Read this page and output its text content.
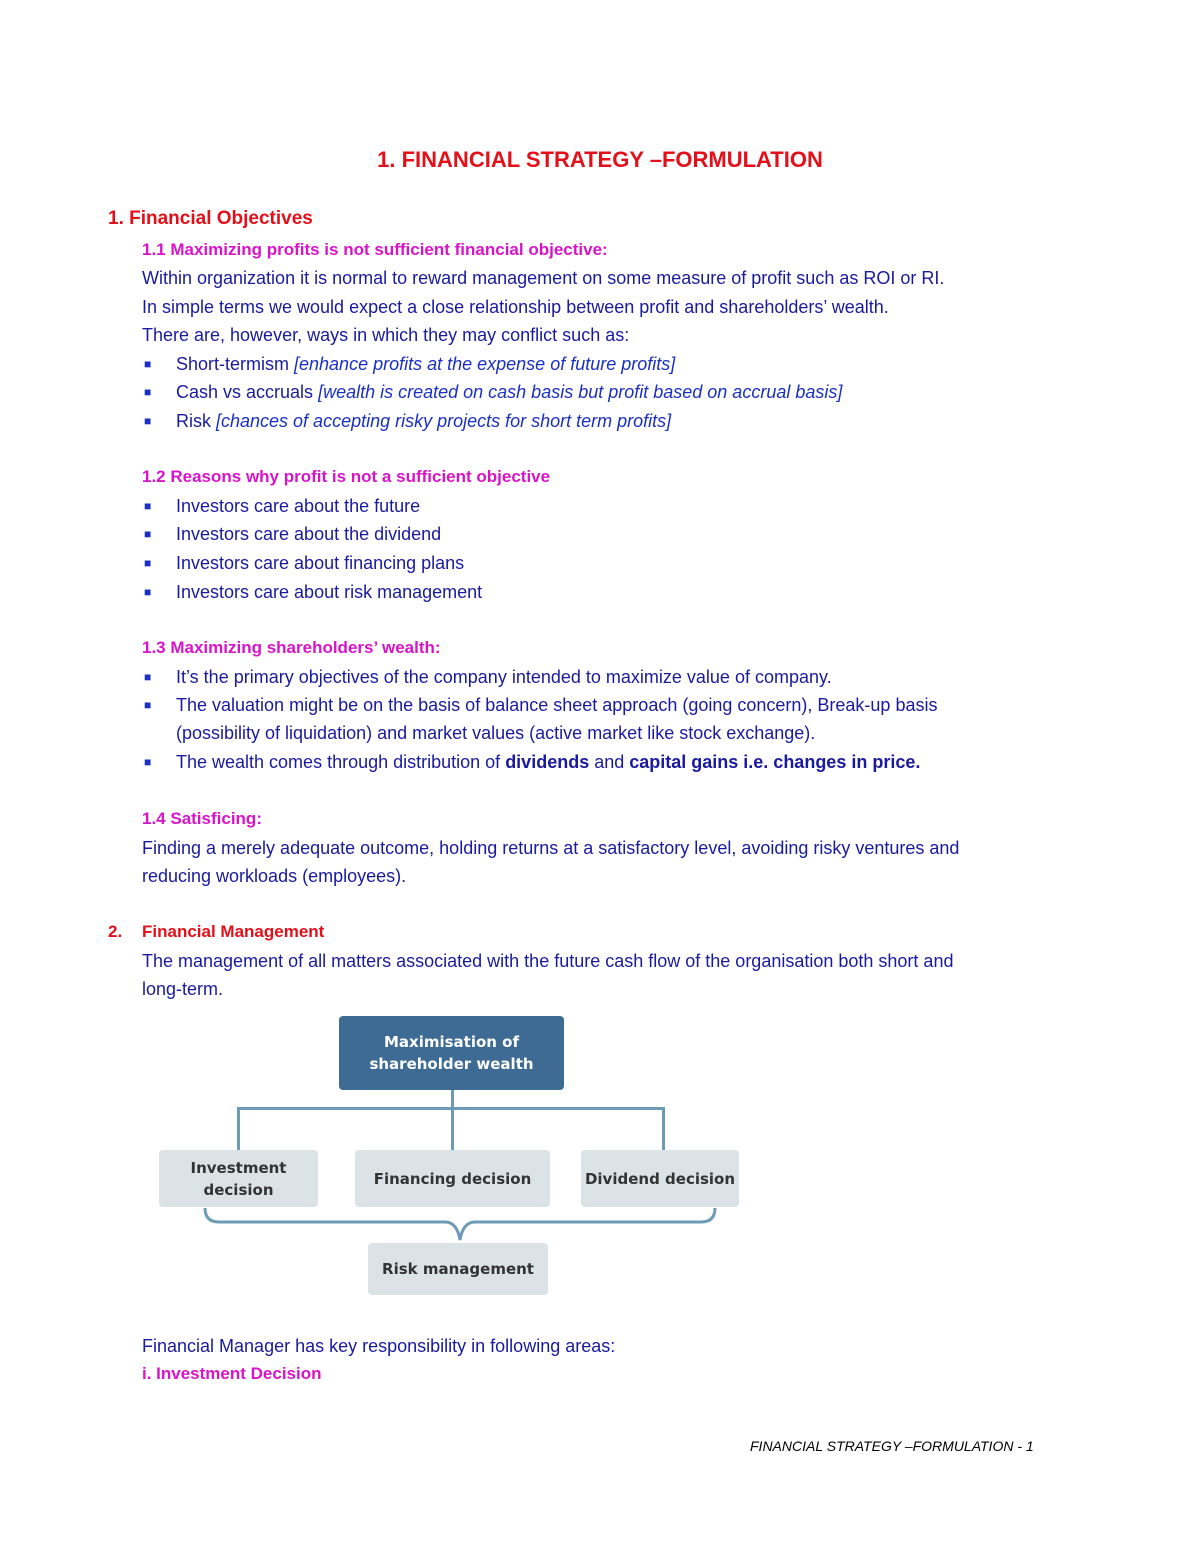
1. FINANCIAL STRATEGY –FORMULATION
1. Financial Objectives
1.1 Maximizing profits is not sufficient financial objective:
Within organization it is normal to reward management on some measure of profit such as ROI or RI.
In simple terms we would expect a close relationship between profit and shareholders’ wealth.
There are, however, ways in which they may conflict such as:
■ Short-termism [enhance profits at the expense of future profits]
■ Cash vs accruals [wealth is created on cash basis but profit based on accrual basis]
■ Risk [chances of accepting risky projects for short term profits]
1.2 Reasons why profit is not a sufficient objective
■ Investors care about the future
■ Investors care about the dividend
■ Investors care about financing plans
■ Investors care about risk management
1.3 Maximizing shareholders’ wealth:
■ It’s the primary objectives of the company intended to maximize value of company.
■ The valuation might be on the basis of balance sheet approach (going concern), Break-up basis
(possibility of liquidation) and market values (active market like stock exchange).
■ The wealth comes through distribution of dividends and capital gains i.e. changes in price.
1.4 Satisficing:
Finding a merely adequate outcome, holding returns at a satisfactory level, avoiding risky ventures and
reducing workloads (employees).
2. Financial Management
The management of all matters associated with the future cash flow of the organisation both short and
long-term.
Maximisation of
shareholder wealth
Investment decision
Financing decision	Dividend decision
Risk management
Financial Manager has key responsibility in following areas:
i. Investment Decision
FINANCIAL STRATEGY –FORMULATION - 1
